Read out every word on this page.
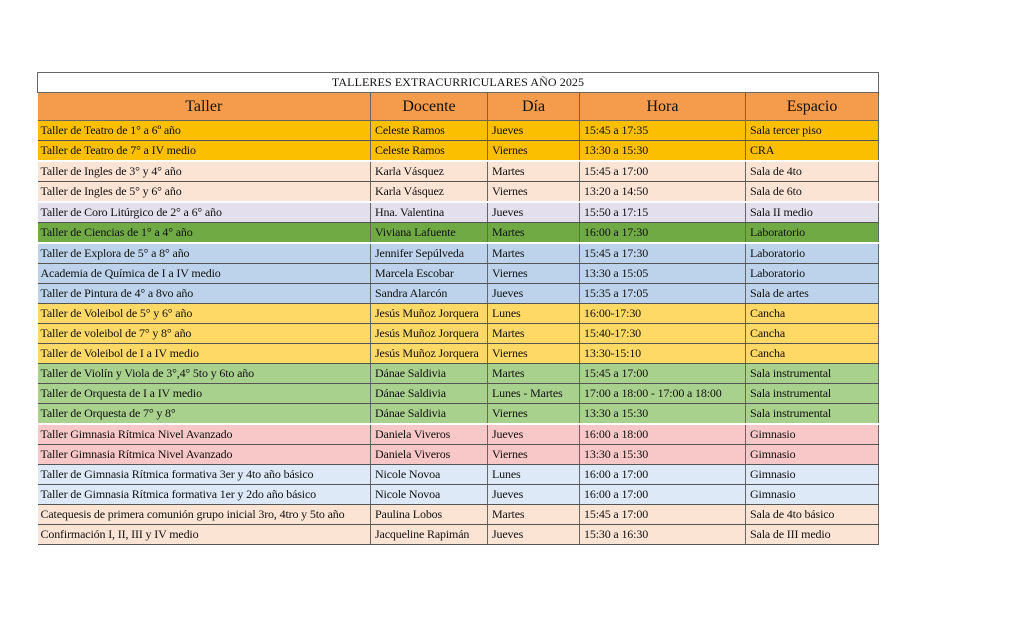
TALLERES EXTRACURRICULARES AÑO 2025				
Taller	Docente	Día	Hora	Espacio
Taller de Teatro de 1° a 6º año	Celeste Ramos	Jueves	15:45 a 17:35	Sala tercer piso
Taller de Teatro de 7° a IV medio	Celeste Ramos	Viernes	13:30 a 15:30	CRA
Taller de Ingles de 3° y 4° año	Karla Vásquez	Martes	15:45 a 17:00	Sala de 4to
Taller de Ingles de 5° y 6° año	Karla Vásquez	Viernes	13:20 a 14:50	Sala de 6to
Taller de Coro Litúrgico de 2° a 6° año	Hna. Valentina	Jueves	15:50 a 17:15	Sala II medio
Taller de Ciencias de 1° a 4° año	Viviana Lafuente	Martes	16:00 a 17:30	Laboratorio
Taller de Explora de 5° a 8° año	Jennifer Sepúlveda	Martes	15:45 a 17:30	Laboratorio
Academia de Química de I a IV medio	Marcela Escobar	Viernes	13:30 a 15:05	Laboratorio
Taller de Pintura de 4° a 8vo año	Sandra Alarcón	Jueves	15:35 a 17:05	Sala de artes
Taller de Voleibol de 5° y 6° año	Jesús Muñoz Jorquera	Lunes	16:00-17:30	Cancha
Taller de voleibol de 7° y 8° año	Jesús Muñoz Jorquera	Martes	15:40-17:30	Cancha
Taller de Voleibol de I a IV medio	Jesús Muñoz Jorquera	Viernes	13:30-15:10	Cancha
Taller de Violín y Viola de 3°,4° 5to y 6to año	Dánae Saldivia	Martes	15:45 a 17:00	Sala instrumental
Taller de Orquesta de I a IV medio	Dánae Saldivia	Lunes - Martes	17:00 a 18:00 - 17:00 a 18:00	Sala instrumental
Taller de Orquesta de 7° y 8°	Dánae Saldivia	Viernes	13:30 a 15:30	Sala instrumental
Taller Gimnasia Rítmica Nivel Avanzado	Daniela Viveros	Jueves	16:00 a 18:00	Gimnasio
Taller Gimnasia Rítmica Nivel Avanzado	Daniela Viveros	Viernes	13:30 a 15:30	Gimnasio
Taller de Gimnasia Rítmica formativa 3er y 4to año básico	Nicole Novoa	Lunes	16:00 a 17:00	Gimnasio
Taller de Gimnasia Rítmica formativa 1er y 2do año básico	Nicole Novoa	Jueves	16:00 a 17:00	Gimnasio
Catequesis de primera comunión grupo inicial 3ro, 4tro y 5to año	Paulina Lobos	Martes	15:45 a 17:00	Sala de 4to básico
Confirmación I, II, III y IV medio	Jacqueline Rapimán	Jueves	15:30 a 16:30	Sala de III medio
